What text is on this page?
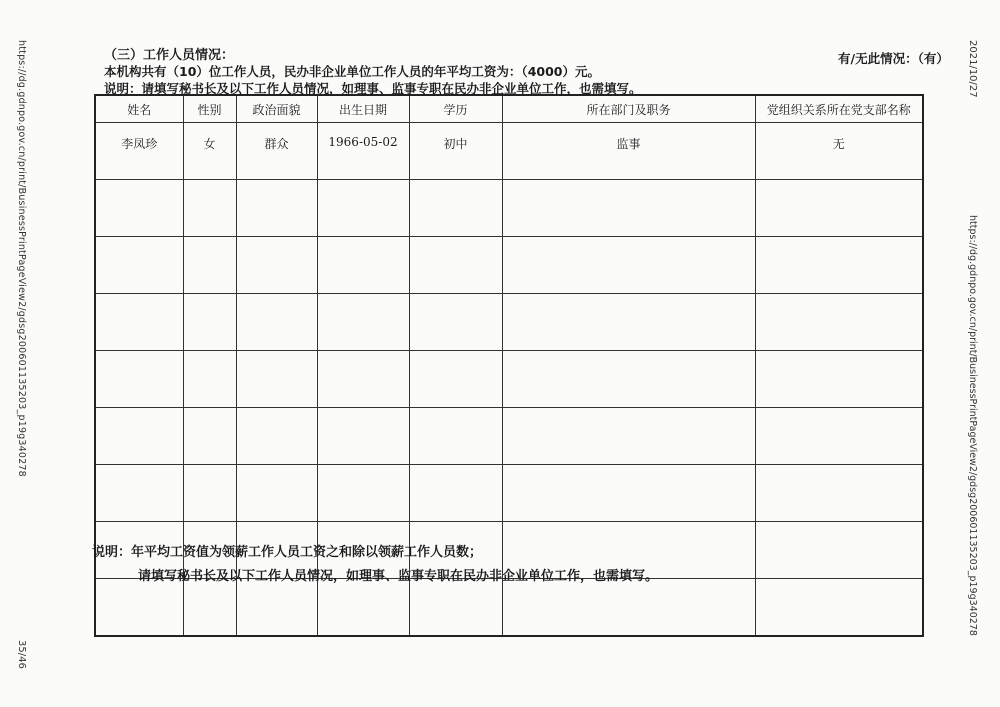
https://dg.gdnpo.gov.cn/print/BusinessPrintPageView2/gdsg200601135203_p19g340278
35/46
2021/10/27
https://dg.gdnpo.gov.cn/print/BusinessPrintPageView2/gdsg200601135203_p19g340278
（三）工作人员情况：
本机构共有（10）位工作人员，民办非企业单位工作人员的年平均工资为：（4000）元。
说明：请填写秘书长及以下工作人员情况，如理事、监事专职在民办非企业单位工作，也需填写。
有/无此情况：（有）
姓名	性别	政治面貌	出生日期	学历	所在部门及职务	党组织关系所在党支部名称
李凤珍	女	群众	1966-05-02	初中	监事	无

说明：年平均工资值为领薪工作人员工资之和除以领薪工作人员数；
请填写秘书长及以下工作人员情况，如理事、监事专职在民办非企业单位工作，也需填写。
